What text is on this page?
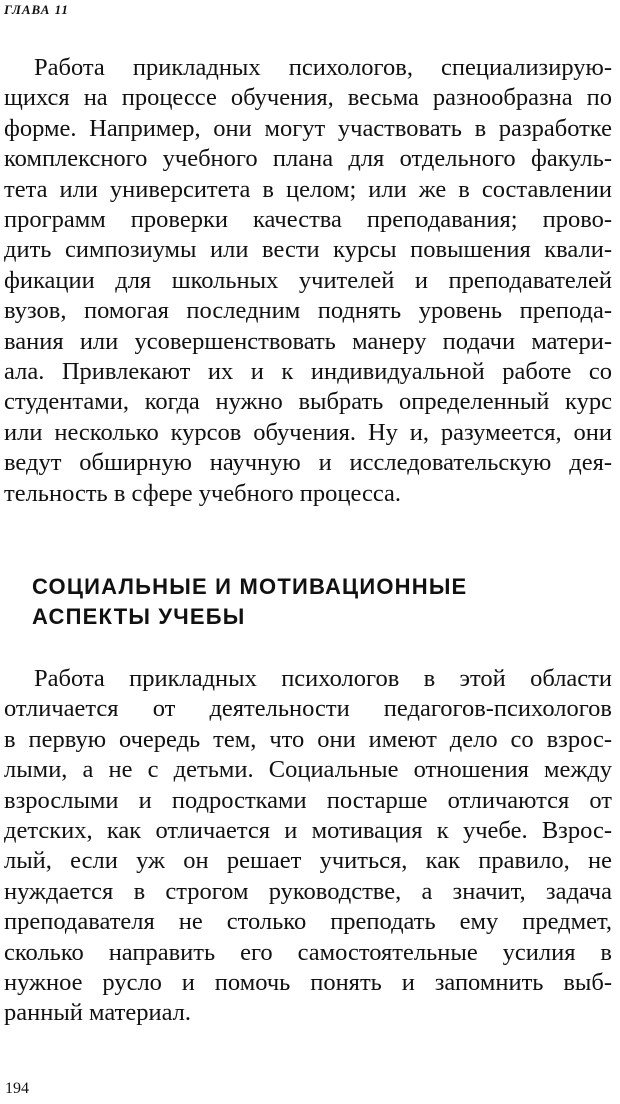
ГЛАВА 11

Работа прикладных психологов, специализирую-
щихся на процессе обучения, весьма разнообразна по
форме. Например, они могут участвовать в разработке
комплексного учебного плана для отдельного факуль-
тета или университета в целом; или же в составлении
программ проверки качества преподавания; прово-
дить симпозиумы или вести курсы повышения квали-
фикации для школьных учителей и преподавателей
вузов, помогая последним поднять уровень препода-
вания или усовершенствовать манеру подачи матери-
ала. Привлекают их и к индивидуальной работе со
студентами, когда нужно выбрать определенный курс
или несколько курсов обучения. Ну и, разумеется, они
ведут обширную научную и исследовательскую дея-
тельность в сфере учебного процесса.

СОЦИАЛЬНЫЕ И МОТИВАЦИОННЫЕ
АСПЕКТЫ УЧЕБЫ

Работа прикладных психологов в этой области
отличается от деятельности педагогов-психологов
в первую очередь тем, что они имеют дело со взрос-
лыми, а не с детьми. Социальные отношения между
взрослыми и подростками постарше отличаются от
детских, как отличается и мотивация к учебе. Взрос-
лый, если уж он решает учиться, как правило, не
нуждается в строгом руководстве, а значит, задача
преподавателя не столько преподать ему предмет,
сколько направить его самостоятельные усилия в
нужное русло и помочь понять и запомнить выб-
ранный материал.

194
